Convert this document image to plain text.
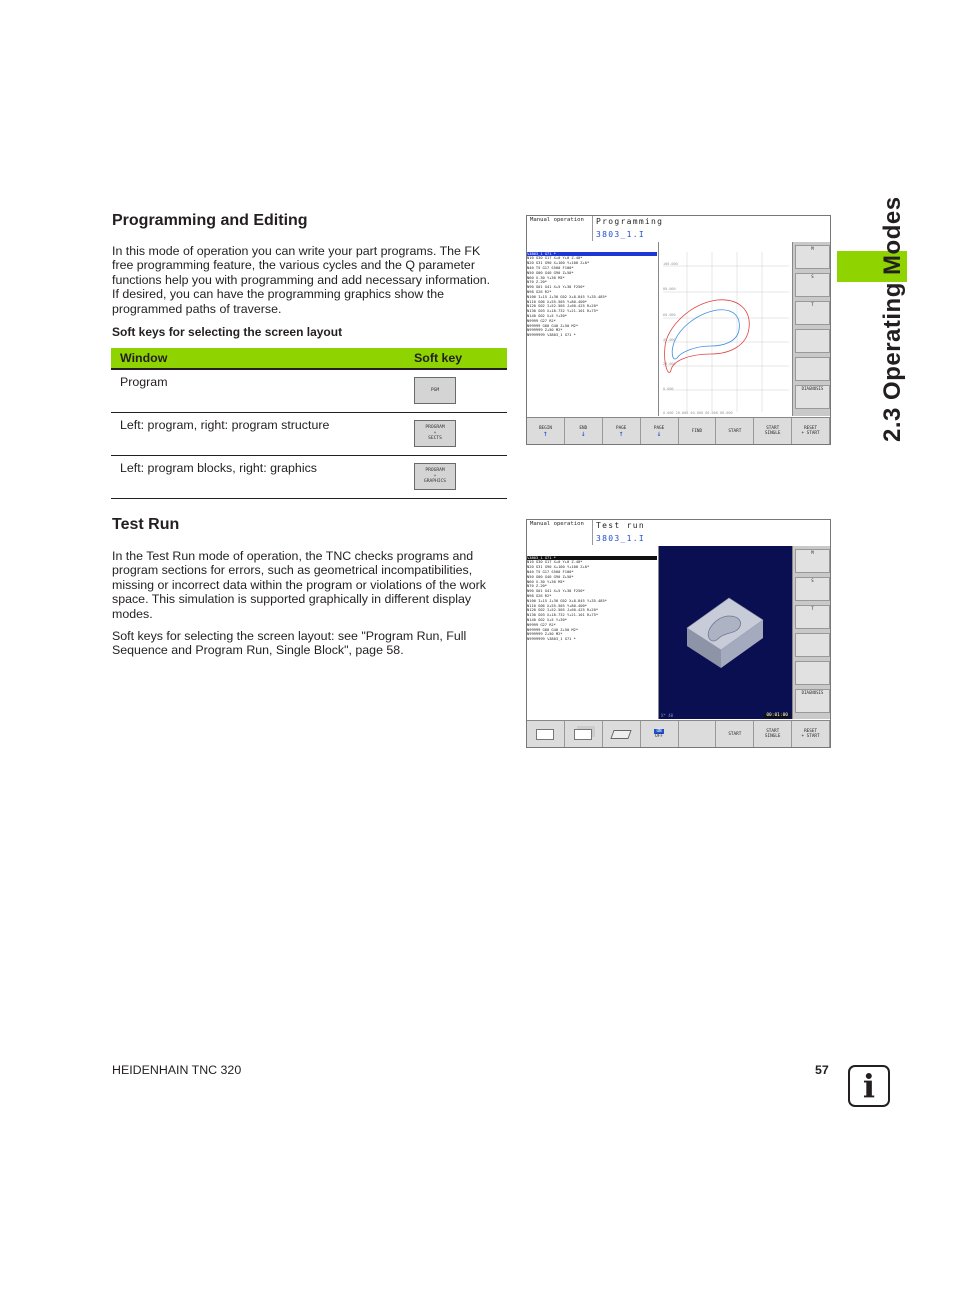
2.3 Operating Modes
Programming and Editing
In this mode of operation you can write your part programs. The FK
free programming feature, the various cycles and the Q parameter
functions help you with programming and add necessary information.
If desired, you can have the programming graphics show the
programmed paths of traverse.
Soft keys for selecting the screen layout
Window	Soft key
Program	PGM

Left: program, right: program structure	PROGRAM
+
SECTS

Left: program blocks, right: graphics	PROGRAM
+
GRAPHICS
Test Run
In the Test Run mode of operation, the TNC checks programs and
program sections for errors, such as geometrical incompatibilities,
missing or incorrect data within the program or violations of the work
space. This simulation is supported graphically in different display
modes.
Soft keys for selecting the screen layout: see "Program Run, Full
Sequence and Program Run, Single Block", page 58.
Manual operation	Programming
3803_1.I

%3803_1 G71 *
N10 G30 G17 X+0 Y+0 Z-40*
N20 G31 G90 X+100 Y+100 Z+0*
N40 T5 G17 S500 F100*
N50 G00 G40 G90 Z+50*
N60 X-30 Y+30 M3*
N70 Z-20*
N90 G01 G41 X+5 Y+30 F250*
N98 G26 R2*
N100 I+15 J+30 G02 X+8.845 Y+35.485*
N110 G06 X+55.505 Y+80.400*
N120 G02 I+52.505 J+60.425 R+20*
N130 G03 X+18.732 Y+21.101 R+75*
N140 G02 X+5 Y+30*
N9999 G27 R2*
N99999 G00 G40 Z+50 M2*
N999999 Z+50 M2*
N9999999 %3803_1 G71 *

100.000
80.000
60.000
40.000
20.000
0.000
0.000 20.000 40.000 60.000 80.000
M
S
T
DIAGNOSIS
BEGIN
↑
END
↓
PAGE
↑
PAGE
↓	FIND	START	START
SINGLE
RESET
+ START
Manual operation	Test run
3803_1.I

%3803_1 G71 *
N10 G30 G17 X+0 Y+0 Z-40*
N20 G31 G90 X+100 Y+100 Z+0*
N40 T5 G17 S500 F100*
N50 G00 G40 G90 Z+50*
N60 X-30 Y+30 M3*
N70 Z-20*
N90 G01 G41 X+5 Y+30 F250*
N98 G26 R2*
N100 I+15 J+30 G02 X+8.845 Y+35.485*
N110 G06 X+55.505 Y+80.400*
N120 G02 I+52.505 J+60.425 R+20*
N130 G03 X+18.732 Y+21.101 R+75*
N140 G02 X+5 Y+30*
N9999 G27 R2*
N99999 G00 G40 Z+50 M2*
N999999 Z+50 M2*
N9999999 %3803_1 G71 *

X* 40	00:01:00
M
S
T
DIAGNOSIS
ON
OFF	START	START
SINGLE
RESET
+ START
HEIDENHAIN TNC 320	57	i
